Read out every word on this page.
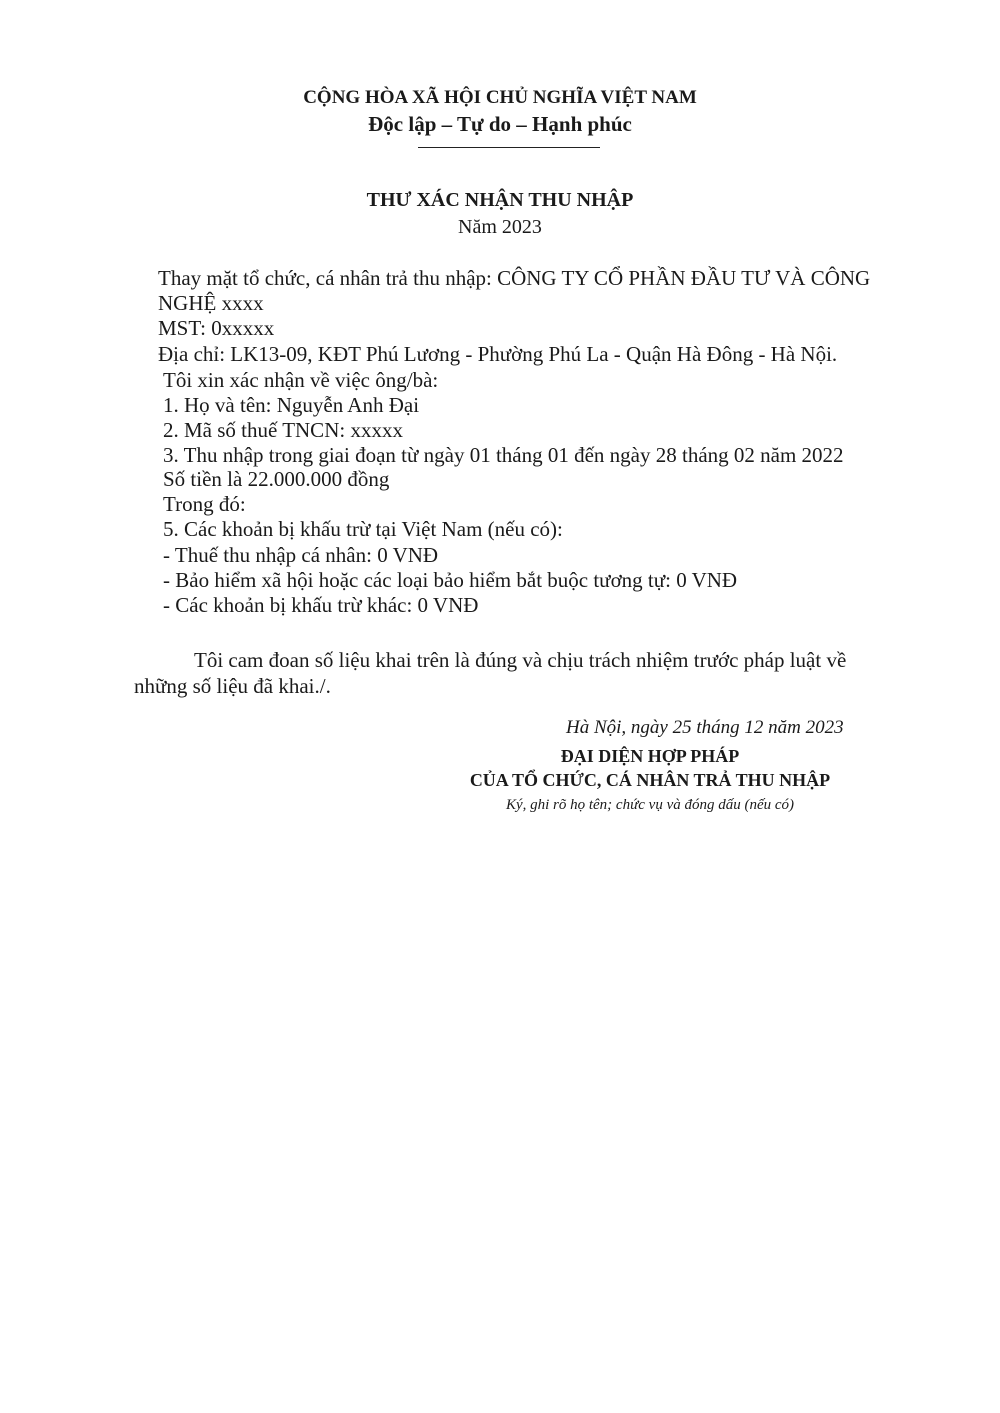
CỘNG HÒA XÃ HỘI CHỦ NGHĨA VIỆT NAM
Độc lập – Tự do – Hạnh phúc
THƯ XÁC NHẬN THU NHẬP
Năm 2023
Thay mặt tổ chức, cá nhân trả thu nhập: CÔNG TY CỔ PHẦN ĐẦU TƯ VÀ CÔNG
NGHỆ xxxx
MST: 0xxxxx
Địa chỉ: LK13-09, KĐT Phú Lương - Phường Phú La - Quận Hà Đông - Hà Nội.
Tôi xin xác nhận về việc ông/bà:
1. Họ và tên: Nguyễn Anh Đại
2. Mã số thuế TNCN: xxxxx
3. Thu nhập trong giai đoạn từ ngày 01 tháng 01 đến ngày 28 tháng 02 năm 2022
Số tiền là 22.000.000 đồng
Trong đó:
5. Các khoản bị khấu trừ tại Việt Nam (nếu có):
- Thuế thu nhập cá nhân: 0 VNĐ
- Bảo hiểm xã hội hoặc các loại bảo hiểm bắt buộc tương tự: 0 VNĐ
- Các khoản bị khấu trừ khác: 0 VNĐ
Tôi cam đoan số liệu khai trên là đúng và chịu trách nhiệm trước pháp luật về
những số liệu đã khai./.
Hà Nội, ngày 25 tháng 12 năm 2023
ĐẠI DIỆN HỢP PHÁP
CỦA TỔ CHỨC, CÁ NHÂN TRẢ THU NHẬP
Ký, ghi rõ họ tên; chức vụ và đóng dấu (nếu có)
